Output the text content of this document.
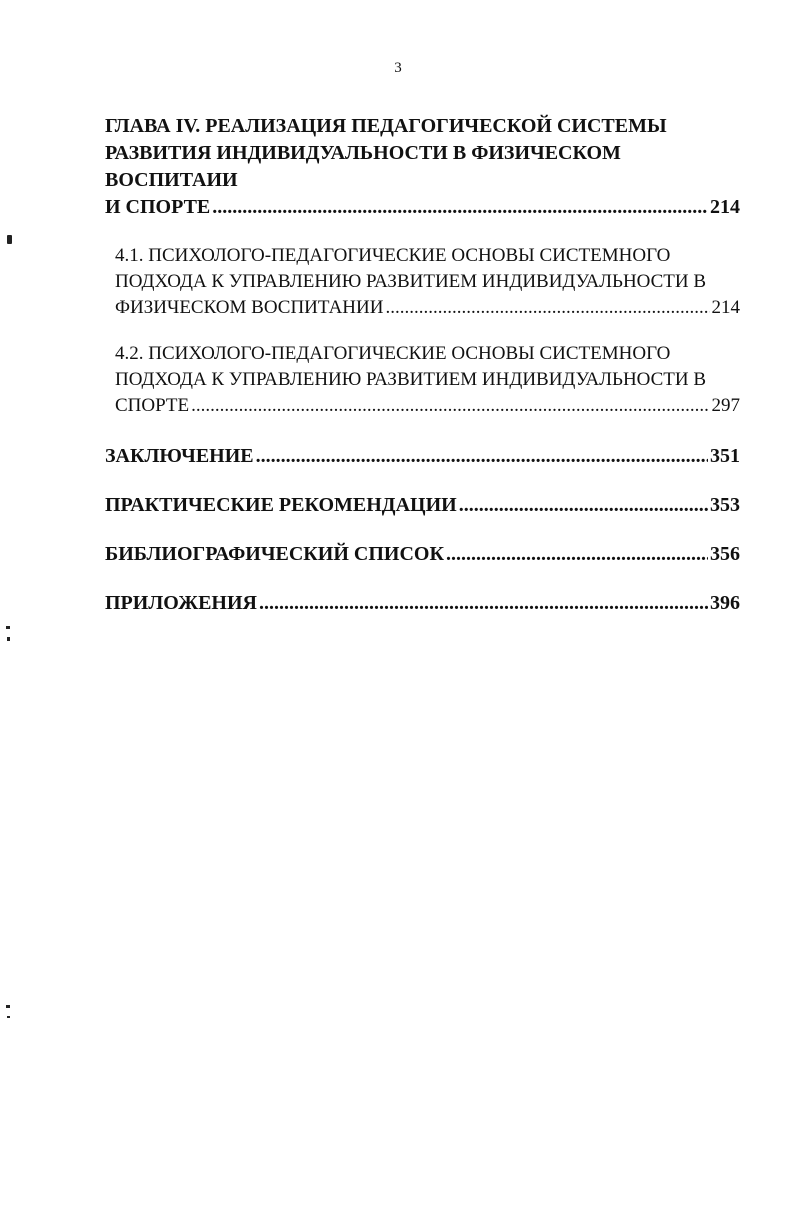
3
ГЛАВА IV. РЕАЛИЗАЦИЯ ПЕДАГОГИЧЕСКОЙ СИСТЕМЫ
РАЗВИТИЯ ИНДИВИДУАЛЬНОСТИ В ФИЗИЧЕСКОМ ВОСПИТАИИ
И СПОРТЕ .....	214
4.1. ПСИХОЛОГО-ПЕДАГОГИЧЕСКИЕ ОСНОВЫ СИСТЕМНОГО
ПОДХОДА К УПРАВЛЕНИЮ РАЗВИТИЕМ ИНДИВИДУАЛЬНОСТИ В
ФИЗИЧЕСКОМ ВОСПИТАНИИ .....	214
4.2. ПСИХОЛОГО-ПЕДАГОГИЧЕСКИЕ ОСНОВЫ СИСТЕМНОГО
ПОДХОДА К УПРАВЛЕНИЮ РАЗВИТИЕМ ИНДИВИДУАЛЬНОСТИ В
СПОРТЕ .....	297
ЗАКЛЮЧЕНИЕ .....	351
ПРАКТИЧЕСКИЕ РЕКОМЕНДАЦИИ .....	353
БИБЛИОГРАФИЧЕСКИЙ СПИСОК .....	356
ПРИЛОЖЕНИЯ .....	396
